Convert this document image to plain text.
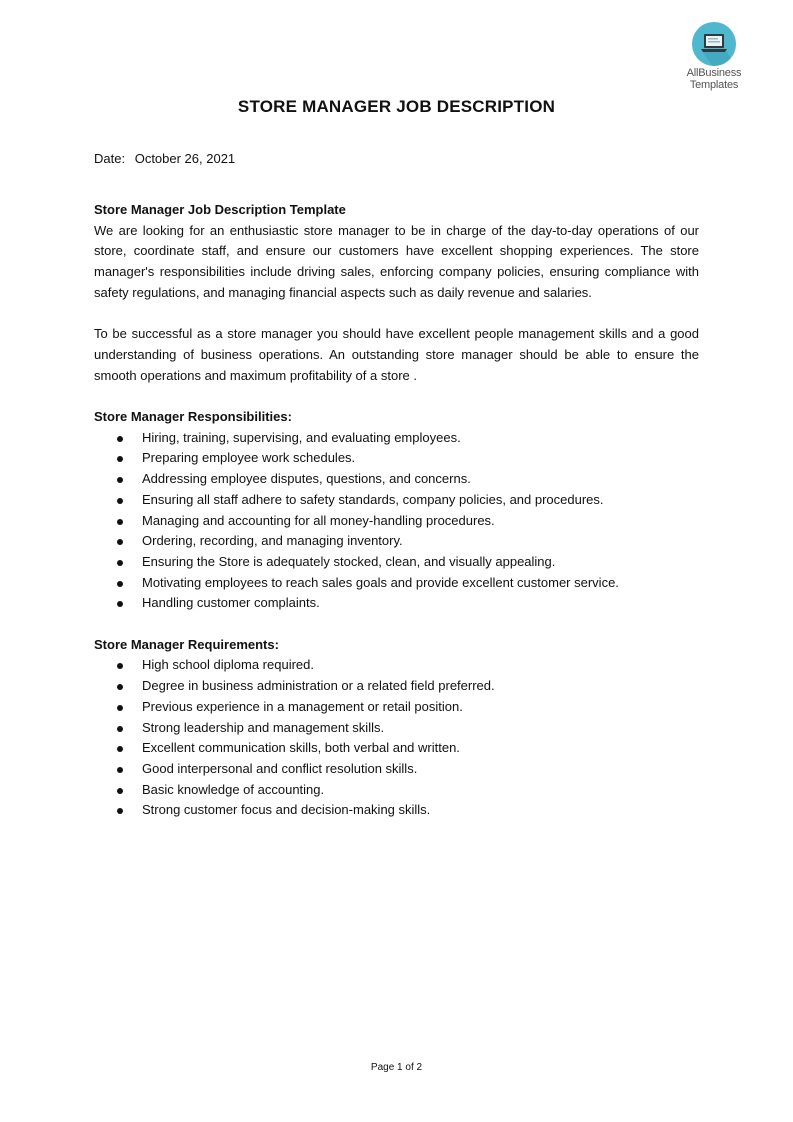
AllBusiness
Templates
STORE MANAGER JOB DESCRIPTION
Date: October 26, 2021
Store Manager Job Description Template

We are looking for an enthusiastic store manager to be in charge of the day-to-day operations of our store, coordinate staff, and ensure our customers have excellent shopping experiences. The store manager's responsibilities include driving sales, enforcing company policies, ensuring compliance with safety regulations, and managing financial aspects such as daily revenue and salaries.

To be successful as a store manager you should have excellent people management skills and a good understanding of business operations. An outstanding store manager should be able to ensure the smooth operations and maximum profitability of a store .

Store Manager Responsibilities:
Hiring, training, supervising, and evaluating employees.
Preparing employee work schedules.
Addressing employee disputes, questions, and concerns.
Ensuring all staff adhere to safety standards, company policies, and procedures.
Managing and accounting for all money-handling procedures.
Ordering, recording, and managing inventory.
Ensuring the Store is adequately stocked, clean, and visually appealing.
Motivating employees to reach sales goals and provide excellent customer service.
Handling customer complaints.
Store Manager Requirements:
High school diploma required.
Degree in business administration or a related field preferred.
Previous experience in a management or retail position.
Strong leadership and management skills.
Excellent communication skills, both verbal and written.
Good interpersonal and conflict resolution skills.
Basic knowledge of accounting.
Strong customer focus and decision-making skills.
Page 1 of 2
